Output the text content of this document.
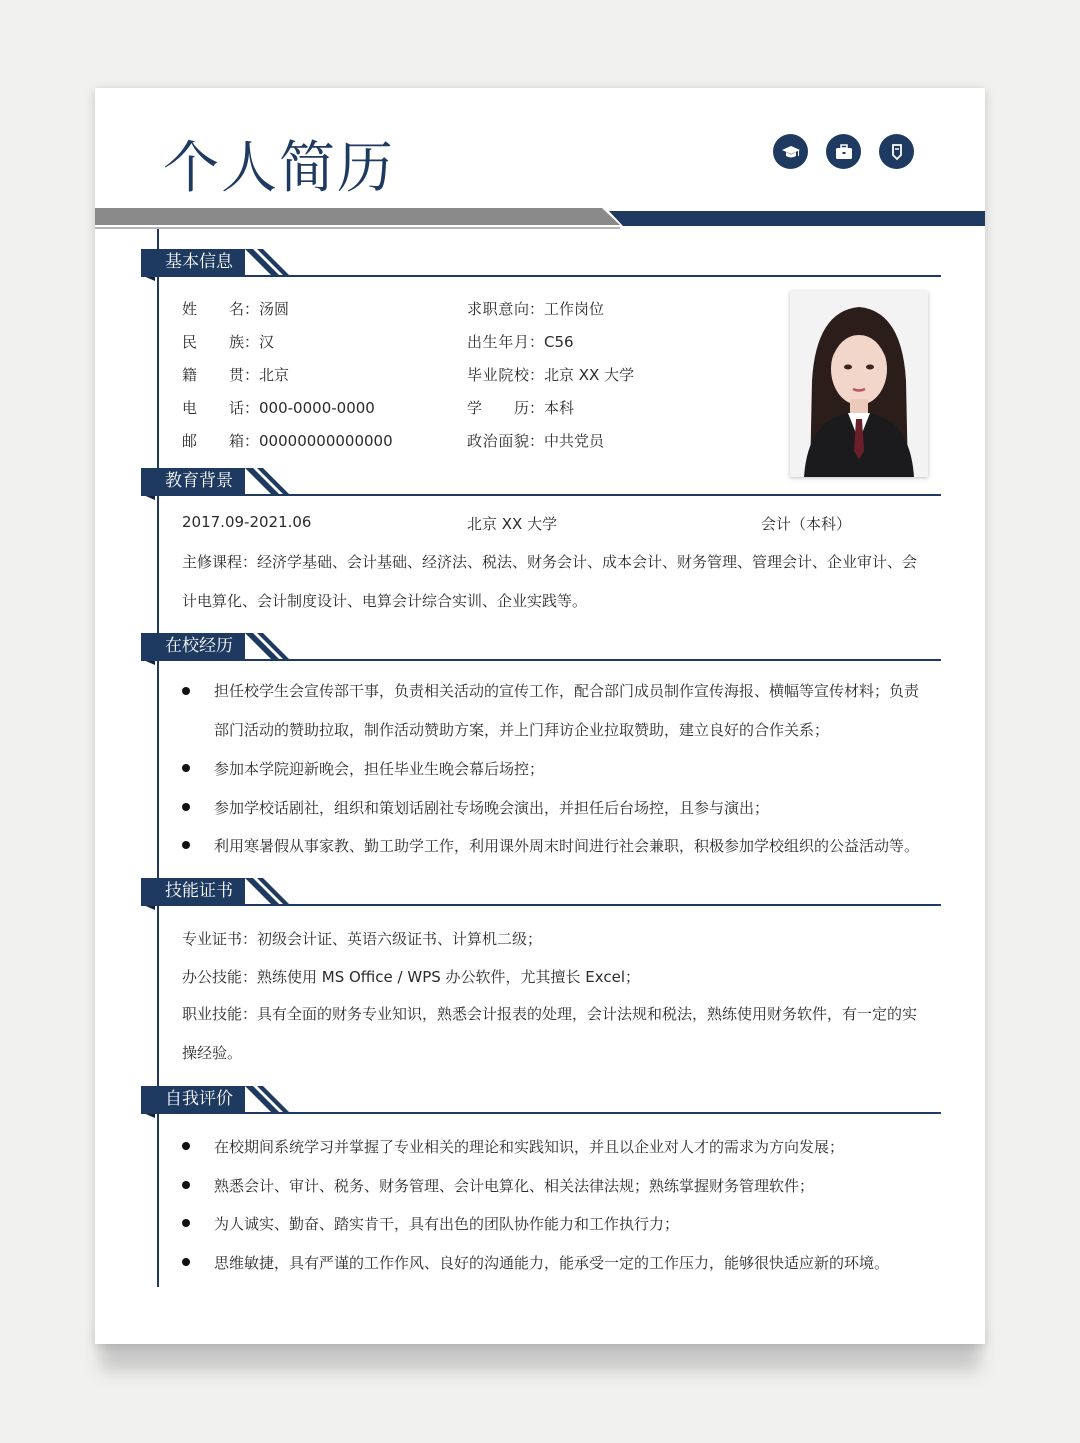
个人简历
基本信息
姓名：汤圆
民族：汉
籍贯：北京
电话：000-0000-0000
邮箱：00000000000000
求职意向：工作岗位
出生年月：C56
毕业院校：北京 XX 大学
学历：本科
政治面貌：中共党员
教育背景
2017.09-2021.06	北京 XX 大学	会计（本科）
主修课程：经济学基础、会计基础、经济法、税法、财务会计、成本会计、财务管理、管理会计、企业审计、会
计电算化、会计制度设计、电算会计综合实训、企业实践等。
在校经历
担任校学生会宣传部干事，负责相关活动的宣传工作，配合部门成员制作宣传海报、横幅等宣传材料；负责
部门活动的赞助拉取，制作活动赞助方案，并上门拜访企业拉取赞助，建立良好的合作关系；
参加本学院迎新晚会，担任毕业生晚会幕后场控；
参加学校话剧社，组织和策划话剧社专场晚会演出，并担任后台场控，且参与演出；
利用寒暑假从事家教、勤工助学工作，利用课外周末时间进行社会兼职，积极参加学校组织的公益活动等。
技能证书
专业证书：初级会计证、英语六级证书、计算机二级；
办公技能：熟练使用 MS Office / WPS 办公软件，尤其擅长 Excel；
职业技能：具有全面的财务专业知识，熟悉会计报表的处理，会计法规和税法，熟练使用财务软件，有一定的实
操经验。
自我评价
在校期间系统学习并掌握了专业相关的理论和实践知识，并且以企业对人才的需求为方向发展；
熟悉会计、审计、税务、财务管理、会计电算化、相关法律法规；熟练掌握财务管理软件；
为人诚实、勤奋、踏实肯干，具有出色的团队协作能力和工作执行力；
思维敏捷，具有严谨的工作作风、良好的沟通能力，能承受一定的工作压力，能够很快适应新的环境。
